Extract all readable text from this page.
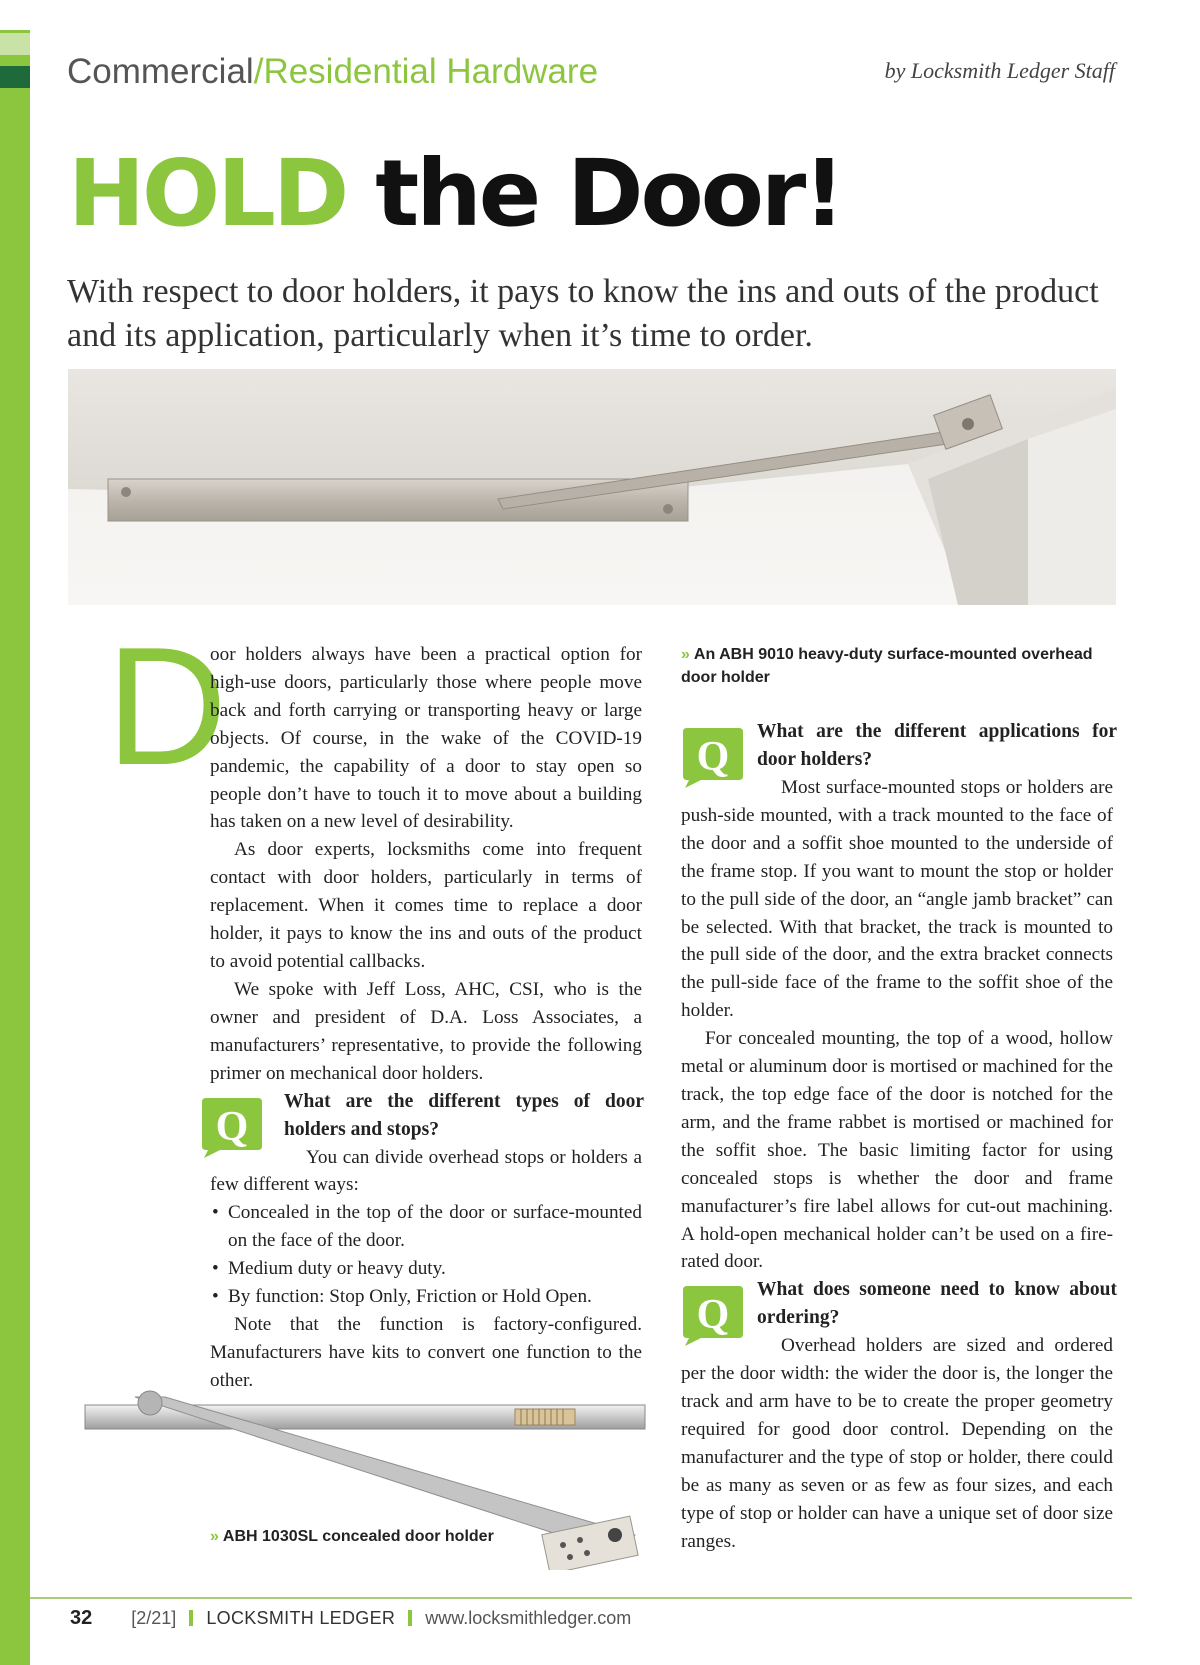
Commercial/Residential Hardware	by Locksmith Ledger Staff
HOLD the Door!
With respect to door holders, it pays to know the ins and outs of the product and its application, particularly when it’s time to order.
D

oor holders always have been a practical option for high-use doors, particularly those where people move back and forth carrying or transporting heavy or large objects. Of course, in the wake of the COVID-19 pandemic, the capability of a door to stay open so people don’t have to touch it to move about a building has taken on a new level of desirability.

As door experts, locksmiths come into frequent contact with door holders, particularly in terms of replacement. When it comes time to replace a door holder, it pays to know the ins and outs of the product to avoid potential callbacks.

We spoke with Jeff Loss, AHC, CSI, who is the owner and president of D.A. Loss Associates, a manufacturers’ representative, to provide the following primer on mechanical door holders.

Q
What are the different types of door holders and stops?

You can divide overhead stops or holders a few different ways:

• Concealed in the top of the door or surface-mounted on the face of the door.
• Medium duty or heavy duty.
• By function: Stop Only, Friction or Hold Open.

Note that the function is factory-configured. Manufacturers have kits to convert one function to the other.

» An ABH 9010 heavy-duty surface-mounted overhead door holder
Q
What are the different applications for door holders?

Most surface-mounted stops or holders are push-side mounted, with a track mounted to the face of the door and a soffit shoe mounted to the underside of the frame stop. If you want to mount the stop or holder to the pull side of the door, an “angle jamb bracket” can be selected. With that bracket, the track is mounted to the pull side of the door, and the extra bracket connects the pull-side face of the frame to the soffit shoe of the holder.

For concealed mounting, the top of a wood, hollow metal or aluminum door is mortised or machined for the track, the top edge face of the door is notched for the arm, and the frame rabbet is mortised or machined for the soffit shoe. The basic limiting factor for using concealed stops is whether the door and frame manufacturer’s fire label allows for cut-out machining. A hold-open mechanical holder can’t be used on a fire-rated door.

Q
What does someone need to know about ordering?

Overhead holders are sized and ordered per the door width: the wider the door is, the longer the track and arm have to be to create the proper geometry required for good door control. Depending on the manufacturer and the type of stop or holder, there could be as many as seven or as few as four sizes, and each type of stop or holder can have a unique set of door size ranges.

» ABH 1030SL concealed door holder
32 [2/21] LOCKSMITH LEDGER www.locksmithledger.com
